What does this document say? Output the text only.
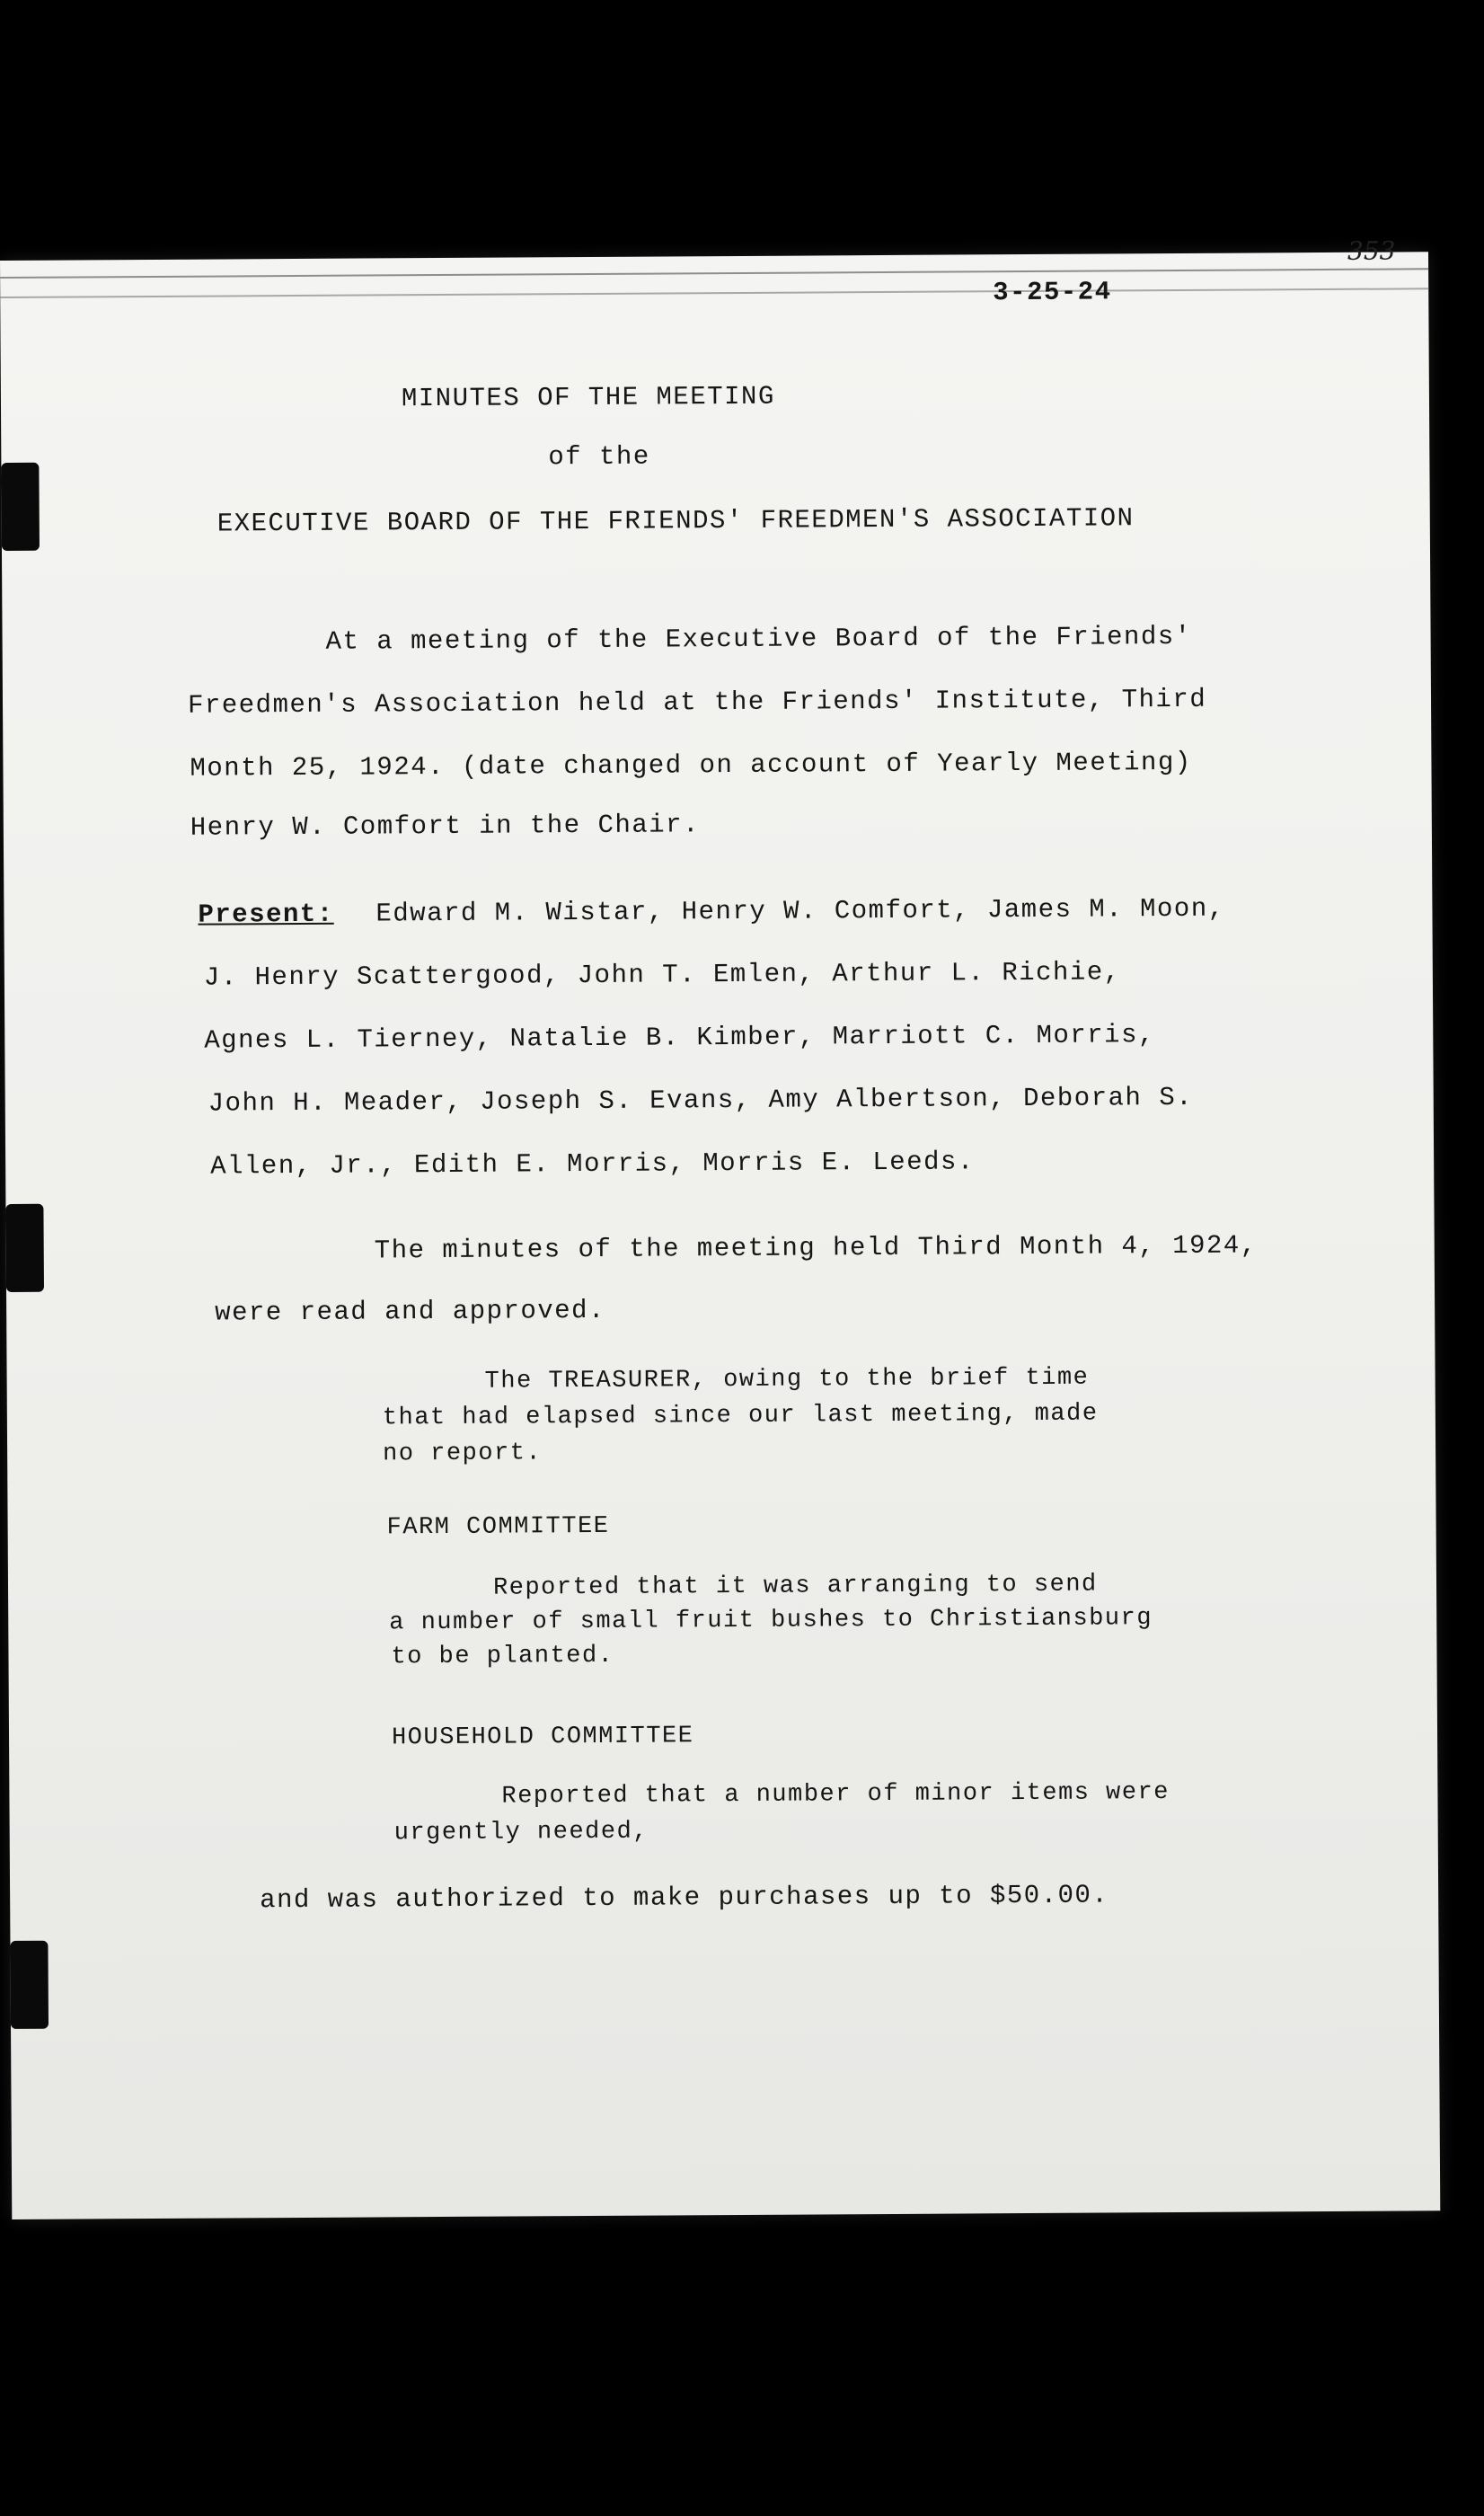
353
3-25-24
MINUTES OF THE MEETING
of the
EXECUTIVE BOARD OF THE FRIENDS' FREEDMEN'S ASSOCIATION
At a meeting of the Executive Board of the Friends'
Freedmen's Association held at the Friends' Institute, Third
Month 25, 1924. (date changed on account of Yearly Meeting)
Henry W. Comfort in the Chair.
Present: Edward M. Wistar, Henry W. Comfort, James M. Moon,
J. Henry Scattergood, John T. Emlen, Arthur L. Richie,
Agnes L. Tierney, Natalie B. Kimber, Marriott C. Morris,
John H. Meader, Joseph S. Evans, Amy Albertson, Deborah S.
Allen, Jr., Edith E. Morris, Morris E. Leeds.
The minutes of the meeting held Third Month 4, 1924,
were read and approved.
The TREASURER, owing to the brief time
that had elapsed since our last meeting, made
no report.
FARM COMMITTEE
Reported that it was arranging to send
a number of small fruit bushes to Christiansburg
to be planted.
HOUSEHOLD COMMITTEE
Reported that a number of minor items were
urgently needed,
and was authorized to make purchases up to $50.00.
